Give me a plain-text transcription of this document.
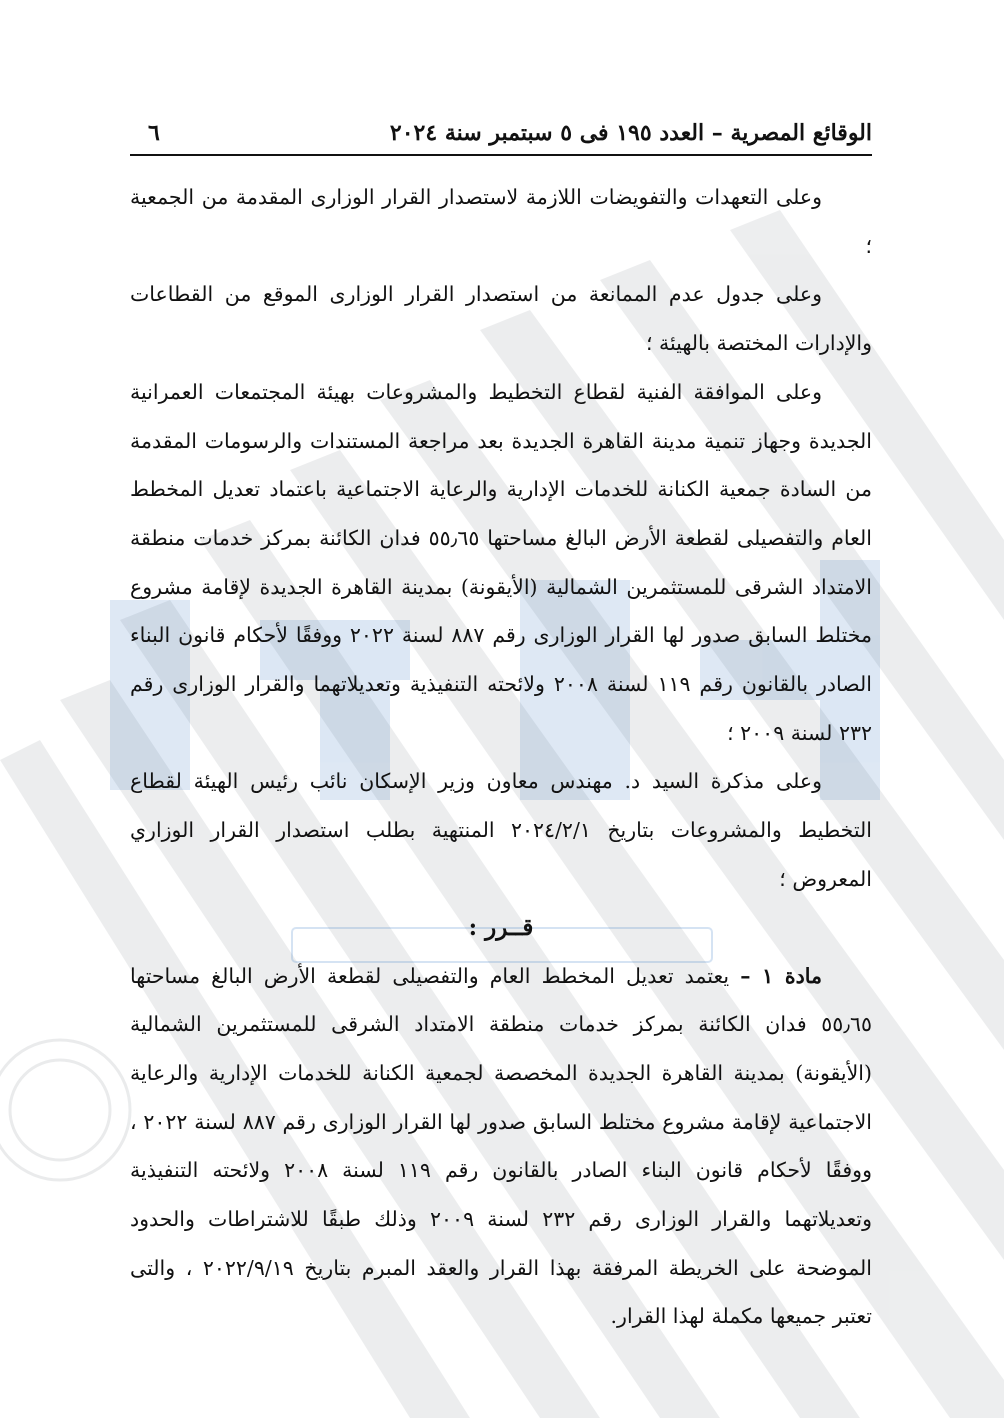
الوقائع المصرية – العدد ١٩٥ فى ٥ سبتمبر سنة ٢٠٢٤
٦

وعلى التعهدات والتفويضات اللازمة لاستصدار القرار الوزارى المقدمة من الجمعية ؛

وعلى جدول عدم الممانعة من استصدار القرار الوزارى الموقع من القطاعات والإدارات المختصة بالهيئة ؛

وعلى الموافقة الفنية لقطاع التخطيط والمشروعات بهيئة المجتمعات العمرانية الجديدة وجهاز تنمية مدينة القاهرة الجديدة بعد مراجعة المستندات والرسومات المقدمة من السادة جمعية الكنانة للخدمات الإدارية والرعاية الاجتماعية باعتماد تعديل المخطط العام والتفصيلى لقطعة الأرض البالغ مساحتها ٥٥٫٦٥ فدان الكائنة بمركز خدمات منطقة الامتداد الشرقى للمستثمرين الشمالية (الأيقونة) بمدينة القاهرة الجديدة لإقامة مشروع مختلط السابق صدور لها القرار الوزارى رقم ٨٨٧ لسنة ٢٠٢٢ ووفقًا لأحكام قانون البناء الصادر بالقانون رقم ١١٩ لسنة ٢٠٠٨ ولائحته التنفيذية وتعديلاتهما والقرار الوزارى رقم ٢٣٢ لسنة ٢٠٠٩ ؛

وعلى مذكرة السيد د. مهندس معاون وزير الإسكان نائب رئيس الهيئة لقطاع التخطيط والمشروعات بتاريخ ٢٠٢٤/٢/١ المنتهية بطلب استصدار القرار الوزاري المعروض ؛

قــرر :

مادة ١ – يعتمد تعديل المخطط العام والتفصيلى لقطعة الأرض البالغ مساحتها ٥٥٫٦٥ فدان الكائنة بمركز خدمات منطقة الامتداد الشرقى للمستثمرين الشمالية (الأيقونة) بمدينة القاهرة الجديدة المخصصة لجمعية الكنانة للخدمات الإدارية والرعاية الاجتماعية لإقامة مشروع مختلط السابق صدور لها القرار الوزارى رقم ٨٨٧ لسنة ٢٠٢٢ ، ووفقًا لأحكام قانون البناء الصادر بالقانون رقم ١١٩ لسنة ٢٠٠٨ ولائحته التنفيذية وتعديلاتهما والقرار الوزارى رقم ٢٣٢ لسنة ٢٠٠٩ وذلك طبقًا للاشتراطات والحدود الموضحة على الخريطة المرفقة بهذا القرار والعقد المبرم بتاريخ ٢٠٢٢/٩/١٩ ، والتى تعتبر جميعها مكملة لهذا القرار.
